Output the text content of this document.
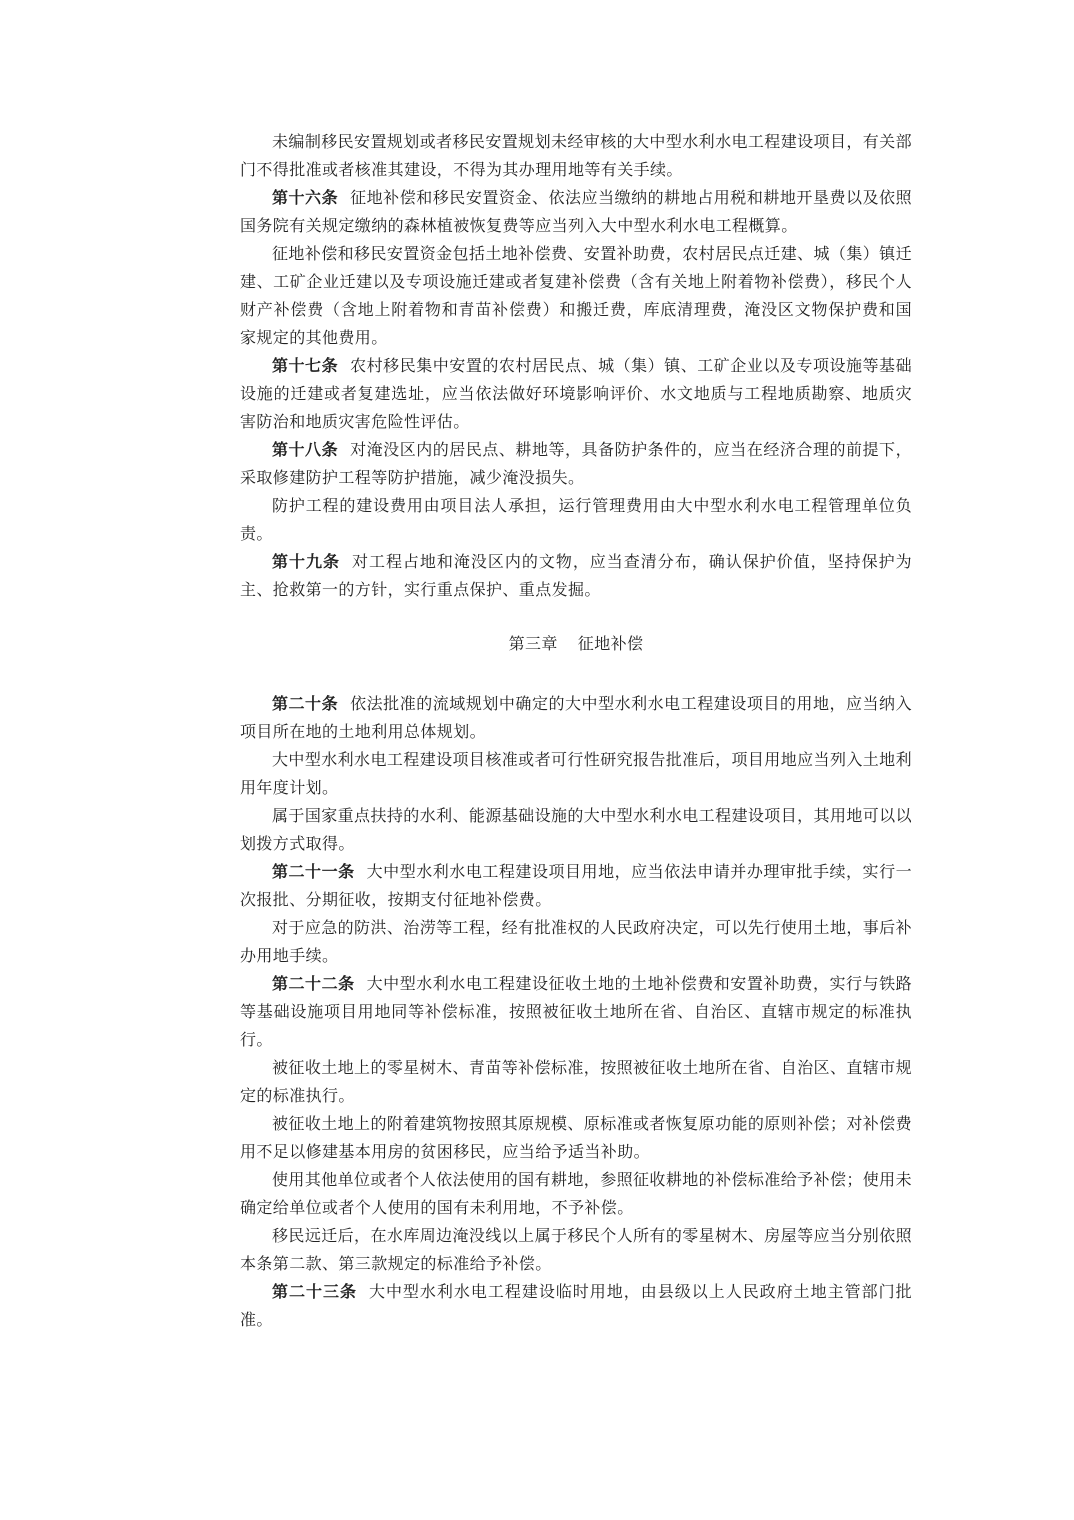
未编制移民安置规划或者移民安置规划未经审核的大中型水利水电工程建设项目，有关部门不得批准或者核准其建设，不得为其办理用地等有关手续。

第十六条 征地补偿和移民安置资金、依法应当缴纳的耕地占用税和耕地开垦费以及依照国务院有关规定缴纳的森林植被恢复费等应当列入大中型水利水电工程概算。

征地补偿和移民安置资金包括土地补偿费、安置补助费，农村居民点迁建、城（集）镇迁建、工矿企业迁建以及专项设施迁建或者复建补偿费（含有关地上附着物补偿费），移民个人财产补偿费（含地上附着物和青苗补偿费）和搬迁费，库底清理费，淹没区文物保护费和国家规定的其他费用。

第十七条 农村移民集中安置的农村居民点、城（集）镇、工矿企业以及专项设施等基础设施的迁建或者复建选址，应当依法做好环境影响评价、水文地质与工程地质勘察、地质灾害防治和地质灾害危险性评估。

第十八条 对淹没区内的居民点、耕地等，具备防护条件的，应当在经济合理的前提下，采取修建防护工程等防护措施，减少淹没损失。

防护工程的建设费用由项目法人承担，运行管理费用由大中型水利水电工程管理单位负责。

第十九条 对工程占地和淹没区内的文物，应当查清分布，确认保护价值，坚持保护为主、抢救第一的方针，实行重点保护、重点发掘。

第三章 征地补偿

第二十条 依法批准的流域规划中确定的大中型水利水电工程建设项目的用地，应当纳入项目所在地的土地利用总体规划。

大中型水利水电工程建设项目核准或者可行性研究报告批准后，项目用地应当列入土地利用年度计划。

属于国家重点扶持的水利、能源基础设施的大中型水利水电工程建设项目，其用地可以以划拨方式取得。

第二十一条 大中型水利水电工程建设项目用地，应当依法申请并办理审批手续，实行一次报批、分期征收，按期支付征地补偿费。

对于应急的防洪、治涝等工程，经有批准权的人民政府决定，可以先行使用土地，事后补办用地手续。

第二十二条 大中型水利水电工程建设征收土地的土地补偿费和安置补助费，实行与铁路等基础设施项目用地同等补偿标准，按照被征收土地所在省、自治区、直辖市规定的标准执行。

被征收土地上的零星树木、青苗等补偿标准，按照被征收土地所在省、自治区、直辖市规定的标准执行。

被征收土地上的附着建筑物按照其原规模、原标准或者恢复原功能的原则补偿；对补偿费用不足以修建基本用房的贫困移民，应当给予适当补助。

使用其他单位或者个人依法使用的国有耕地，参照征收耕地的补偿标准给予补偿；使用未确定给单位或者个人使用的国有未利用地，不予补偿。

移民远迁后，在水库周边淹没线以上属于移民个人所有的零星树木、房屋等应当分别依照本条第二款、第三款规定的标准给予补偿。

第二十三条 大中型水利水电工程建设临时用地，由县级以上人民政府土地主管部门批准。
